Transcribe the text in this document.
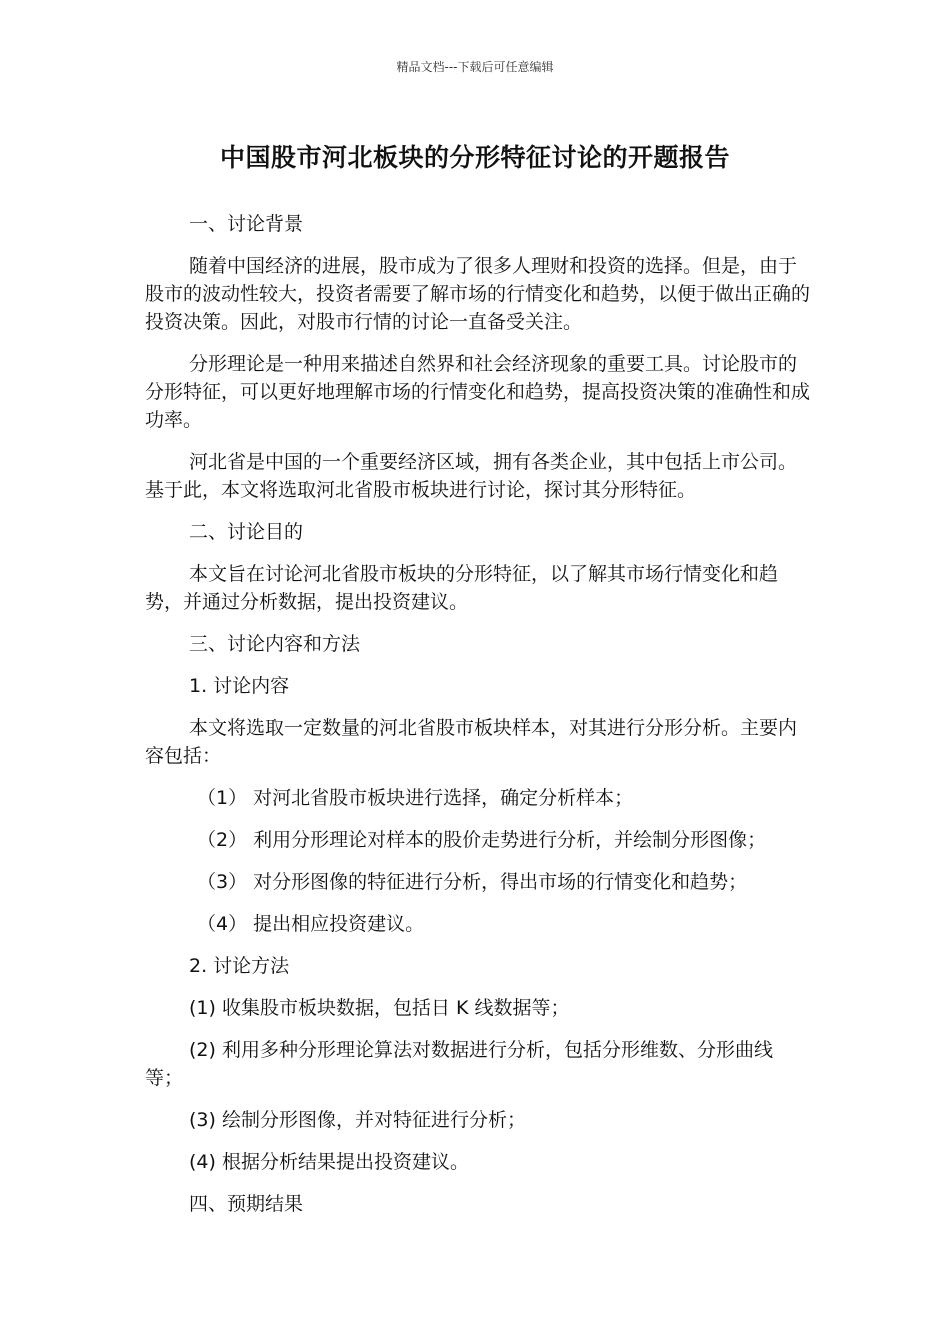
精品文档---下载后可任意编辑
中国股市河北板块的分形特征讨论的开题报告

一、讨论背景

随着中国经济的进展，股市成为了很多人理财和投资的选择。但是，由于股市的波动性较大，投资者需要了解市场的行情变化和趋势，以便于做出正确的投资决策。因此，对股市行情的讨论一直备受关注。

分形理论是一种用来描述自然界和社会经济现象的重要工具。讨论股市的分形特征，可以更好地理解市场的行情变化和趋势，提高投资决策的准确性和成功率。

河北省是中国的一个重要经济区域，拥有各类企业，其中包括上市公司。基于此，本文将选取河北省股市板块进行讨论，探讨其分形特征。

二、讨论目的

本文旨在讨论河北省股市板块的分形特征，以了解其市场行情变化和趋势，并通过分析数据，提出投资建议。

三、讨论内容和方法

1. 讨论内容

本文将选取一定数量的河北省股市板块样本，对其进行分形分析。主要内容包括：

（1） 对河北省股市板块进行选择，确定分析样本；

（2） 利用分形理论对样本的股价走势进行分析，并绘制分形图像；

（3） 对分形图像的特征进行分析，得出市场的行情变化和趋势；

（4） 提出相应投资建议。

2. 讨论方法

(1) 收集股市板块数据，包括日 K 线数据等；

(2) 利用多种分形理论算法对数据进行分析，包括分形维数、分形曲线等；

(3) 绘制分形图像，并对特征进行分析；

(4) 根据分析结果提出投资建议。

四、预期结果
